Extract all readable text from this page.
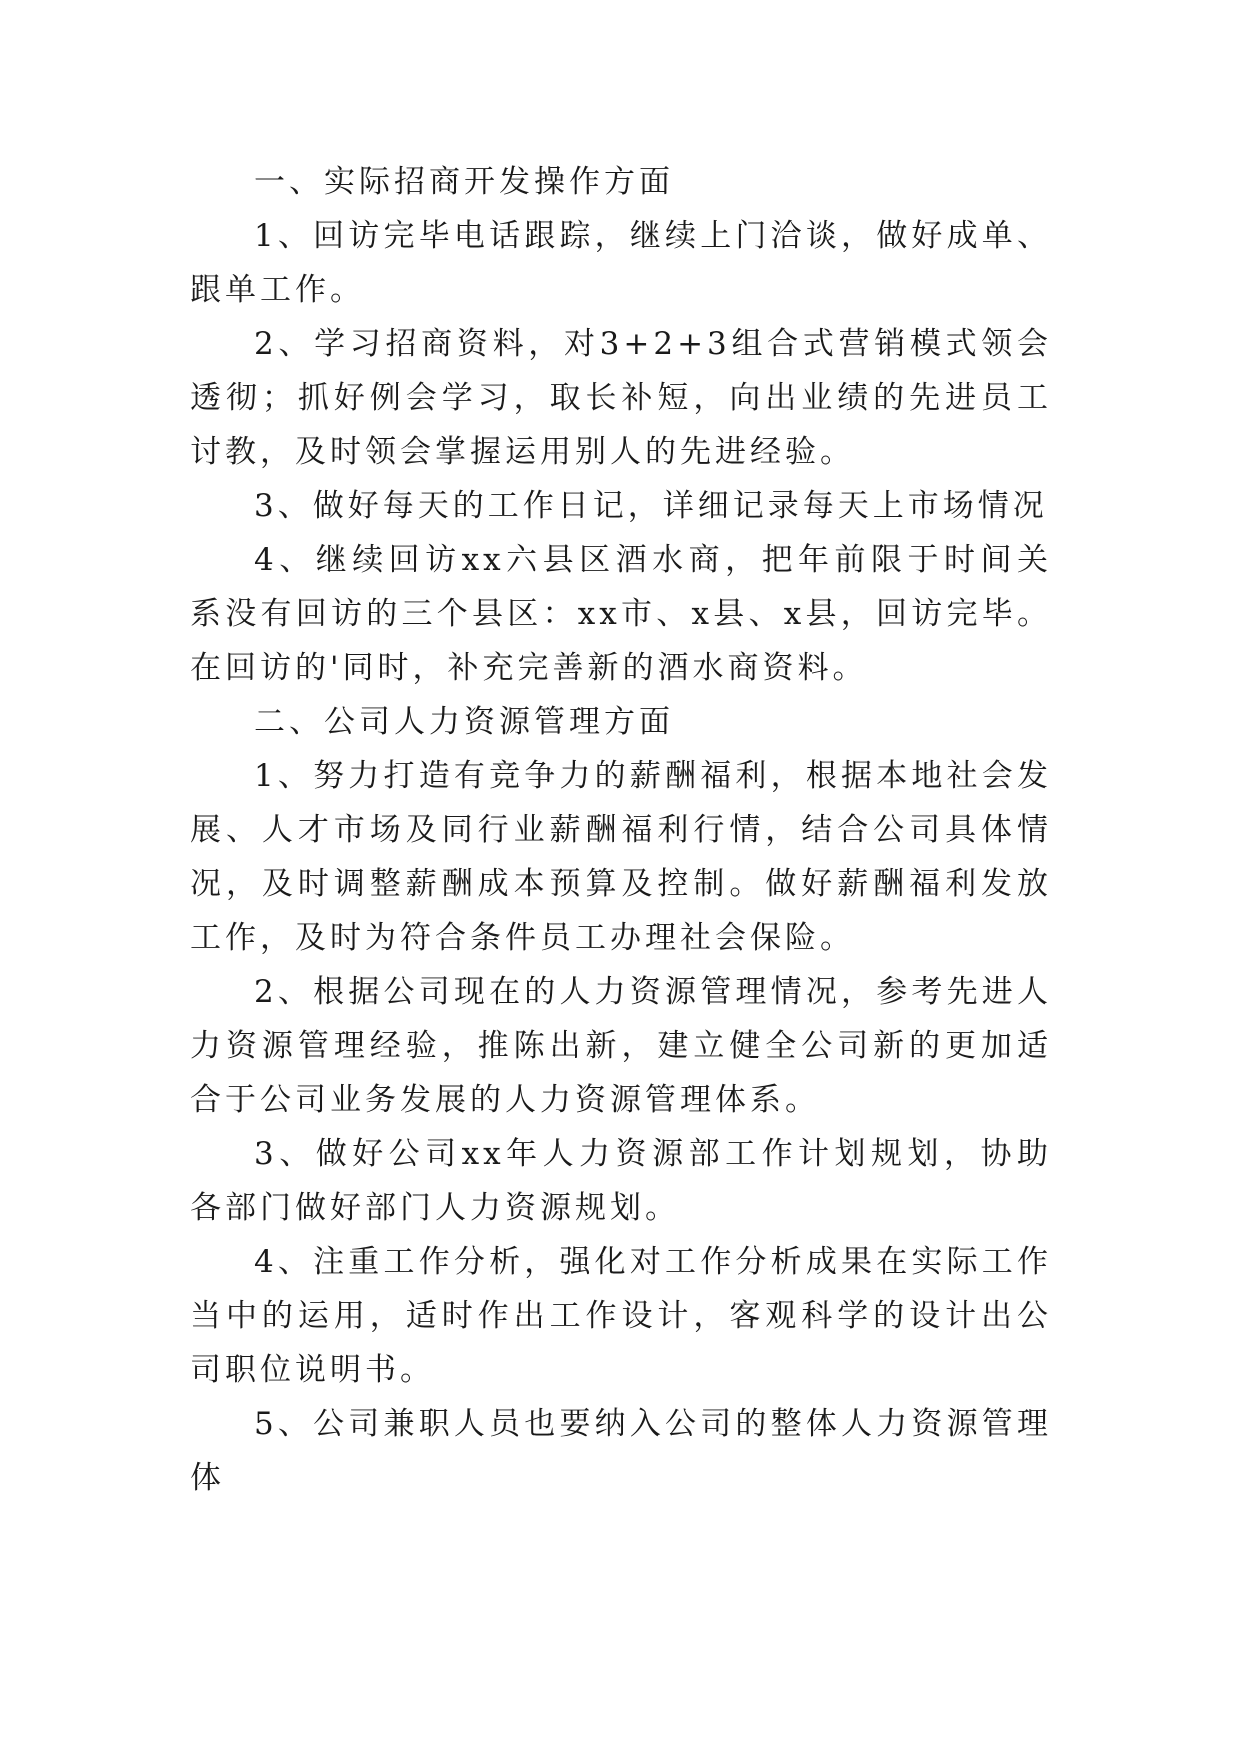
一、实际招商开发操作方面

1、回访完毕电话跟踪，继续上门洽谈，做好成单、跟单工作。

2、学习招商资料，对3+2+3组合式营销模式领会透彻；抓好例会学习，取长补短，向出业绩的先进员工讨教，及时领会掌握运用别人的先进经验。

3、做好每天的工作日记，详细记录每天上市场情况

4、继续回访xx六县区酒水商，把年前限于时间关系没有回访的三个县区：xx市、x县、x县，回访完毕。在回访的'同时，补充完善新的酒水商资料。

二、公司人力资源管理方面

1、努力打造有竞争力的薪酬福利，根据本地社会发展、人才市场及同行业薪酬福利行情，结合公司具体情况，及时调整薪酬成本预算及控制。做好薪酬福利发放工作，及时为符合条件员工办理社会保险。

2、根据公司现在的人力资源管理情况，参考先进人力资源管理经验，推陈出新，建立健全公司新的更加适合于公司业务发展的人力资源管理体系。

3、做好公司xx年人力资源部工作计划规划，协助各部门做好部门人力资源规划。

4、注重工作分析，强化对工作分析成果在实际工作当中的运用，适时作出工作设计，客观科学的设计出公司职位说明书。

5、公司兼职人员也要纳入公司的整体人力资源管理体
